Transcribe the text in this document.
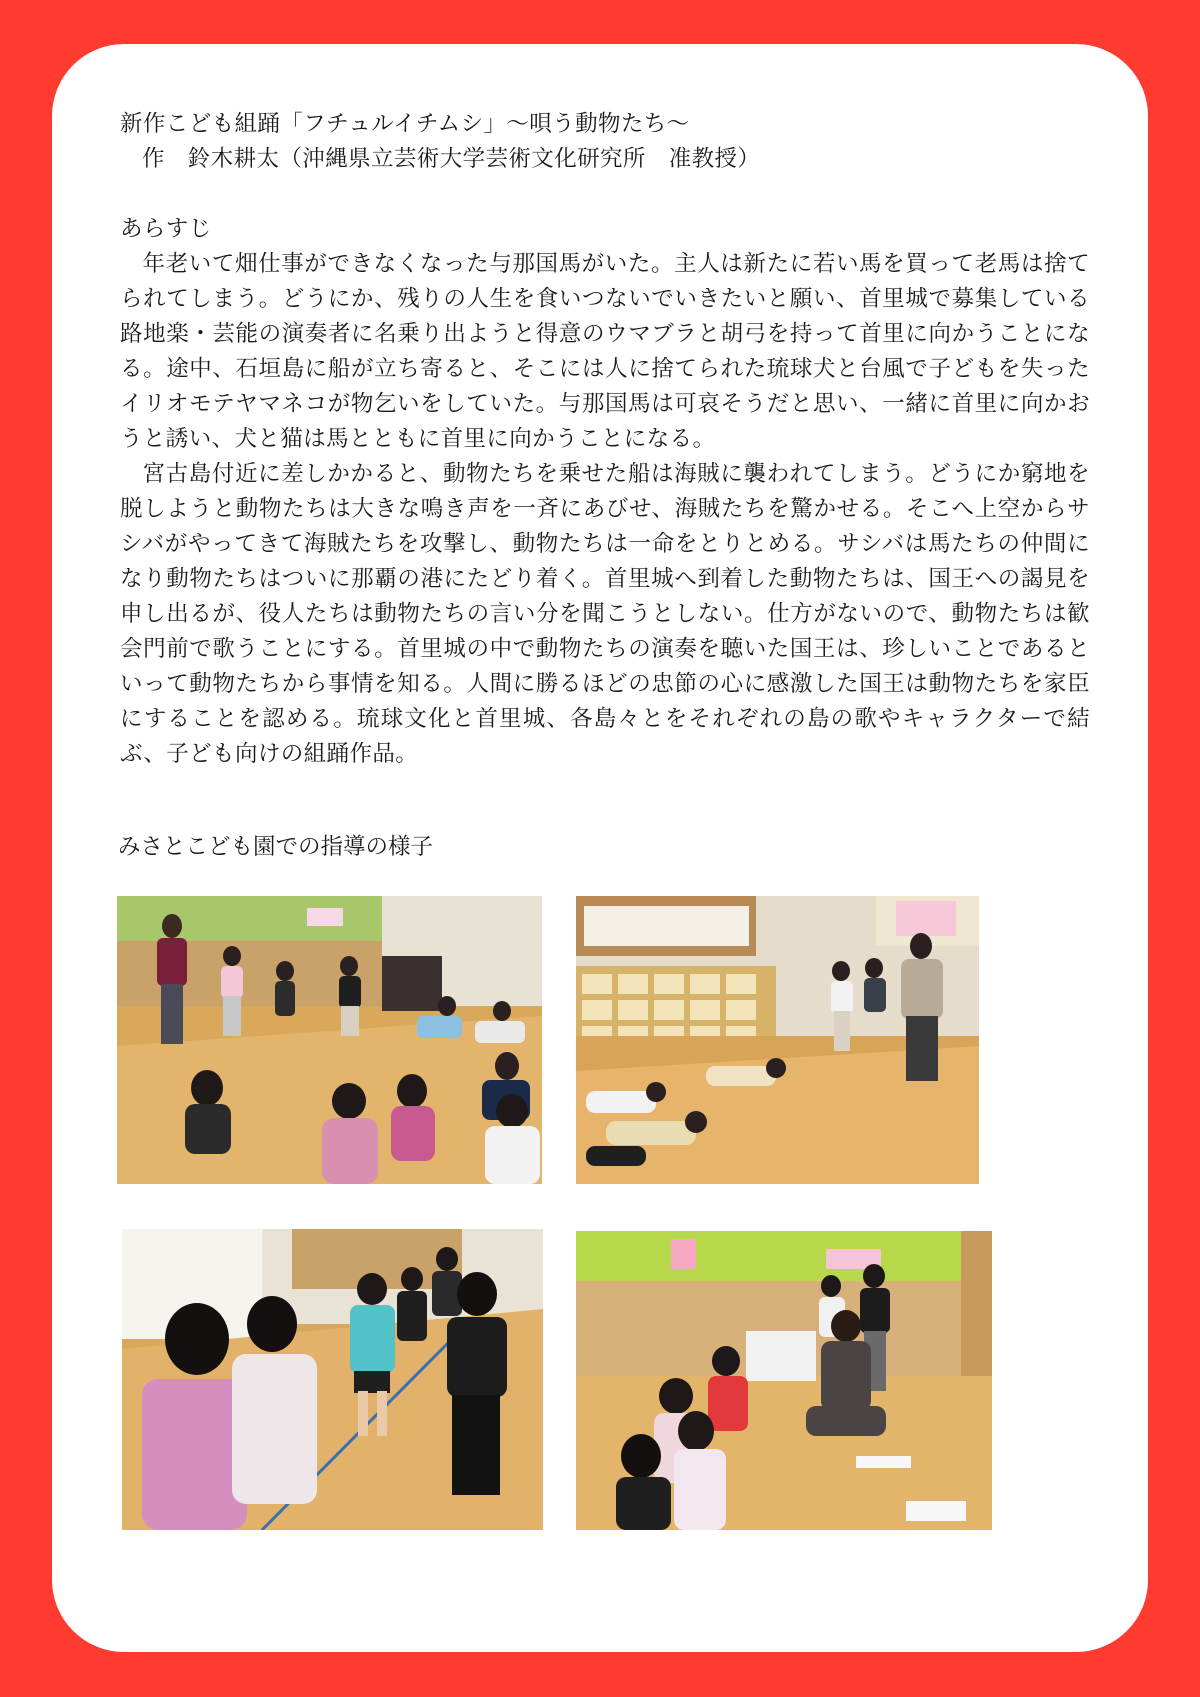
新作こども組踊「フチュルイチムシ」〜唄う動物たち〜
作　鈴木耕太（沖縄県立芸術大学芸術文化研究所　准教授）
あらすじ

年老いて畑仕事ができなくなった与那国馬がいた。主人は新たに若い馬を買って老馬は捨てられてしまう。どうにか、残りの人生を食いつないでいきたいと願い、首里城で募集している路地楽・芸能の演奏者に名乗り出ようと得意のウマブラと胡弓を持って首里に向かうことになる。途中、石垣島に船が立ち寄ると、そこには人に捨てられた琉球犬と台風で子どもを失ったイリオモテヤマネコが物乞いをしていた。与那国馬は可哀そうだと思い、一緒に首里に向かおうと誘い、犬と猫は馬とともに首里に向かうことになる。

宮古島付近に差しかかると、動物たちを乗せた船は海賊に襲われてしまう。どうにか窮地を脱しようと動物たちは大きな鳴き声を一斉にあびせ、海賊たちを驚かせる。そこへ上空からサシバがやってきて海賊たちを攻撃し、動物たちは一命をとりとめる。サシバは馬たちの仲間になり動物たちはついに那覇の港にたどり着く。首里城へ到着した動物たちは、国王への謁見を申し出るが、役人たちは動物たちの言い分を聞こうとしない。仕方がないので、動物たちは歓会門前で歌うことにする。首里城の中で動物たちの演奏を聴いた国王は、珍しいことであるといって動物たちから事情を知る。人間に勝るほどの忠節の心に感激した国王は動物たちを家臣にすることを認める。琉球文化と首里城、各島々とをそれぞれの島の歌やキャラクターで結ぶ、子ども向けの組踊作品。

みさとこども園での指導の様子
